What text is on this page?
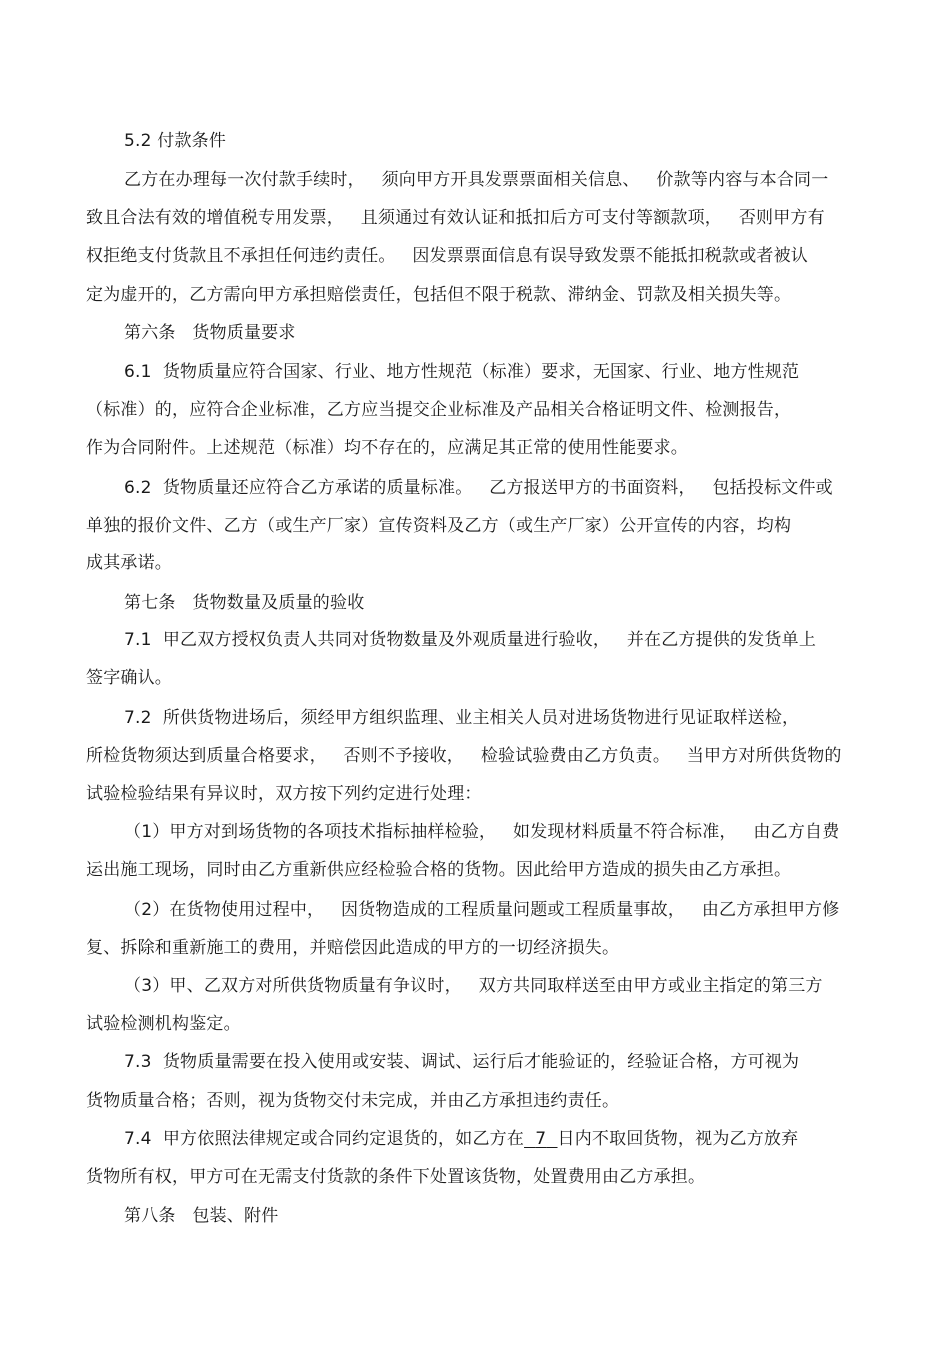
5.2 付款条件
乙方在办理每一次付款手续时，   须向甲方开具发票票面相关信息、   价款等内容与本合同一
致且合法有效的增值税专用发票，   且须通过有效认证和抵扣后方可支付等额款项，   否则甲方有
权拒绝支付货款且不承担任何违约责任。   因发票票面信息有误导致发票不能抵扣税款或者被认
定为虚开的，乙方需向甲方承担赔偿责任，包括但不限于税款、滞纳金、罚款及相关损失等。
第六条   货物质量要求
6.1  货物质量应符合国家、行业、地方性规范（标准）要求，无国家、行业、地方性规范
（标准）的，应符合企业标准，乙方应当提交企业标准及产品相关合格证明文件、检测报告，
作为合同附件。上述规范（标准）均不存在的，应满足其正常的使用性能要求。
6.2  货物质量还应符合乙方承诺的质量标准。   乙方报送甲方的书面资料，   包括投标文件或
单独的报价文件、乙方（或生产厂家）宣传资料及乙方（或生产厂家）公开宣传的内容，均构
成其承诺。
第七条   货物数量及质量的验收
7.1  甲乙双方授权负责人共同对货物数量及外观质量进行验收，   并在乙方提供的发货单上
签字确认。
7.2  所供货物进场后，须经甲方组织监理、业主相关人员对进场货物进行见证取样送检，
所检货物须达到质量合格要求，   否则不予接收，   检验试验费由乙方负责。   当甲方对所供货物的
试验检验结果有异议时，双方按下列约定进行处理：
（1）甲方对到场货物的各项技术指标抽样检验，   如发现材料质量不符合标准，   由乙方自费
运出施工现场，同时由乙方重新供应经检验合格的货物。因此给甲方造成的损失由乙方承担。
（2）在货物使用过程中，   因货物造成的工程质量问题或工程质量事故，   由乙方承担甲方修
复、拆除和重新施工的费用，并赔偿因此造成的甲方的一切经济损失。
（3）甲、乙双方对所供货物质量有争议时，   双方共同取样送至由甲方或业主指定的第三方
试验检测机构鉴定。
7.3  货物质量需要在投入使用或安装、调试、运行后才能验证的，经验证合格，方可视为
货物质量合格；否则，视为货物交付未完成，并由乙方承担违约责任。
7.4  甲方依照法律规定或合同约定退货的，如乙方在 7 日内不取回货物，视为乙方放弃
货物所有权，甲方可在无需支付货款的条件下处置该货物，处置费用由乙方承担。
第八条   包装、附件
